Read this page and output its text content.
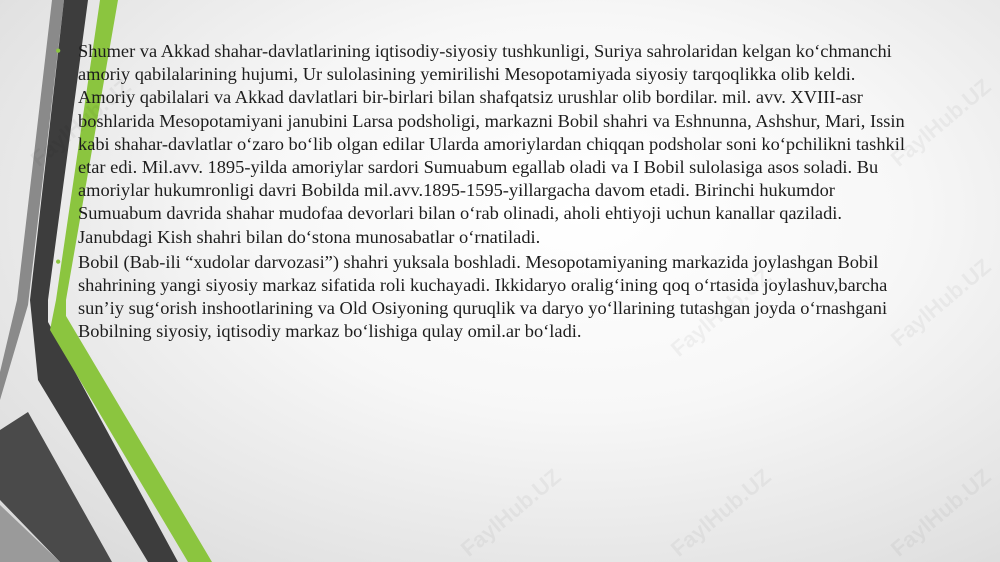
• Shumer va Akkad shahar-davlatlarining iqtisodiy-siyosiy tushkunligi, Suriya sahrolaridan kelgan ko‘chmanchi amoriy qabilalarining hujumi, Ur sulolasining yemirilishi Mesopotamiyada siyosiy tarqoqlikka olib keldi. Amoriy qabilalari va Akkad davlatlari bir-birlari bilan shafqatsiz urushlar olib bordilar. mil. avv. XVIII-asr boshlarida Mesopotamiyani janubini Larsa podsholigi, markazni Bobil shahri va Eshnunna, Ashshur, Mari, Issin kabi shahar-davlatlar o‘zaro bo‘lib olgan edilar Ularda amoriylardan chiqqan podsholar soni ko‘pchilikni tashkil etar edi. Mil.avv. 1895-yilda amoriylar sardori Sumuabum egallab oladi va I Bobil sulolasiga asos soladi. Bu amoriylar hukumronligi davri Bobilda mil.avv.1895-1595-yillargacha davom etadi. Birinchi hukumdor Sumuabum davrida shahar mudofaa devorlari bilan o‘rab olinadi, aholi ehtiyoji uchun kanallar qaziladi. Janubdagi Kish shahri bilan do‘stona munosabatlar o‘rnatiladi.
• Bobil (Bab-ili “xudolar darvozasi”) shahri yuksala boshladi. Mesopotamiyaning markazida joylashgan Bobil shahrining yangi siyosiy markaz sifatida roli kuchayadi. Ikkidaryo oralig‘ining qoq o‘rtasida joylashuv,barcha sun’iy sug‘orish inshootlarining va Old Osiyoning quruqlik va daryo yo‘llarining tutashgan joyda o‘rnashgani Bobilning siyosiy, iqtisodiy markaz bo‘lishiga qulay omil.ar bo‘ladi.
